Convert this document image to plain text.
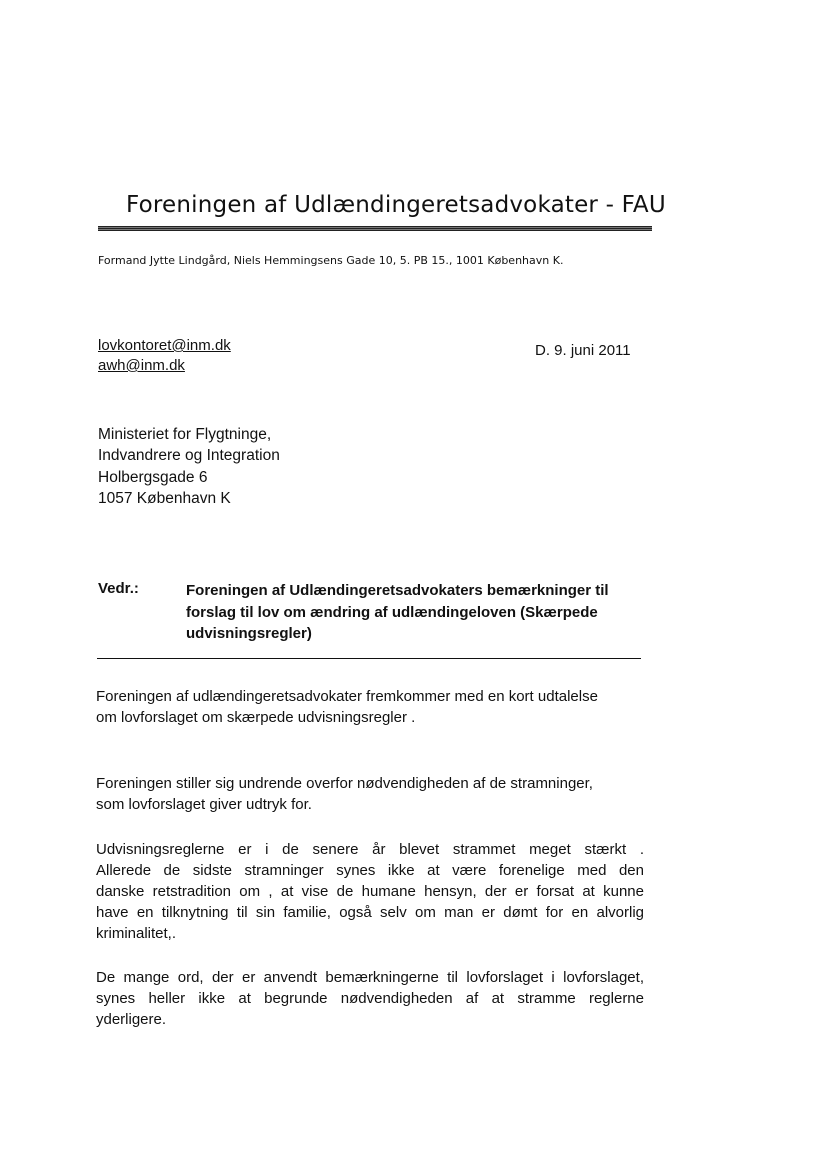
Foreningen af Udlændingeretsadvokater - FAU
Formand Jytte Lindgård, Niels Hemmingsens Gade 10, 5. PB 15., 1001 København K.
lovkontoret@inm.dk
awh@inm.dk
D. 9. juni 2011
Ministeriet for Flygtninge,
Indvandrere og Integration
Holbergsgade 6
1057 København K
Vedr.:	Foreningen af Udlændingeretsadvokaters bemærkninger til
forslag til lov om ændring af udlændingeloven (Skærpede
udvisningsregler)
Foreningen af udlændingeretsadvokater fremkommer med en kort udtalelse
om lovforslaget om skærpede udvisningsregler .
Foreningen stiller sig undrende overfor nødvendigheden af de stramninger,
som lovforslaget giver udtryk for.
Udvisningsreglerne er i de senere år blevet strammet meget stærkt .
Allerede de sidste stramninger synes ikke at være forenelige med den
danske retstradition om , at vise de humane hensyn, der er forsat at kunne
have en tilknytning til sin familie, også selv om man er dømt for en alvorlig
kriminalitet,.
De mange ord, der er anvendt bemærkningerne til lovforslaget i lovforslaget,
synes heller ikke at begrunde nødvendigheden af at stramme reglerne
yderligere.
